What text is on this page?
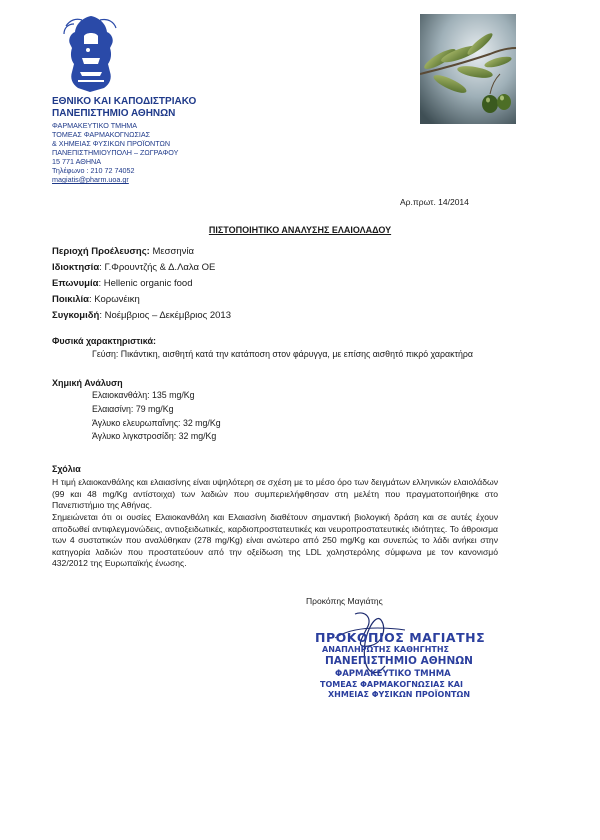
ΕΘΝΙΚΟ ΚΑΙ ΚΑΠΟΔΙΣΤΡΙΑΚΟ
ΠΑΝΕΠΙΣΤΗΜΙΟ ΑΘΗΝΩΝ
ΦΑΡΜΑΚΕΥΤΙΚΟ ΤΜΗΜΑ
ΤΟΜΕΑΣ ΦΑΡΜΑΚΟΓΝΩΣΙΑΣ
& ΧΗΜΕΙΑΣ ΦΥΣΙΚΩΝ ΠΡΟΪΟΝΤΩΝ
ΠΑΝΕΠΙΣΤΗΜΙΟΥΠΟΛΗ – ΖΩΓΡΑΦΟΥ
15 771 ΑΘΗΝΑ
Τηλέφωνο : 210 72 74052
magiatis@pharm.uoa.gr
Αρ.πρωτ. 14/2014
ΠΙΣΤΟΠΟΙΗΤΙΚΟ ΑΝΑΛΥΣΗΣ ΕΛΑΙΟΛΑΔΟΥ
Περιοχή Προέλευσης: Μεσσηνία
Ιδιοκτησία: Γ.Φρουντζής & Δ.Λαλα ΟΕ
Επωνυμία: Hellenic organic food
Ποικιλία: Κορωνέικη
Συγκομιδή: Νοέμβριος – Δεκέμβριος 2013
Φυσικά χαρακτηριστικά:
Γεύση: Πικάντικη, αισθητή κατά την κατάποση στον φάρυγγα, με επίσης αισθητό πικρό χαρακτήρα
Χημική Ανάλυση
Ελαιοκανθάλη: 135 mg/Kg
Ελαιασίνη: 79 mg/Kg
Άγλυκο ελευρωπαΐνης: 32 mg/Kg
Άγλυκο λιγκστροσίδη: 32 mg/Kg
Σχόλια
Η τιμή ελαιοκανθάλης και ελαιασίνης είναι υψηλότερη σε σχέση με το μέσο όρο των δειγμάτων ελληνικών ελαιολάδων (99 και 48 mg/Kg αντίστοιχα) των λαδιών που συμπεριελήφθησαν στη μελέτη που πραγματοποιήθηκε στο Πανεπιστήμιο της Αθήνας.
Σημειώνεται ότι οι ουσίες Ελαιοκανθάλη και Ελαιασίνη διαθέτουν σημαντική βιολογική δράση και σε αυτές έχουν αποδωθεί αντιφλεγμονώδεις, αντιοξειδωτικές, καρδιοπροστατευτικές και νευροπροστατευτικές ιδιότητες. Το άθροισμα των 4 συστατικών που αναλύθηκαν (278 mg/Kg) είναι ανώτερο από 250 mg/Kg και συνεπώς το λάδι ανήκει στην κατηγορία λαδιών που προστατεύουν από την οξείδωση της LDL χοληστερόλης σύμφωνα με τον κανονισμό 432/2012 της Ευρωπαϊκής ένωσης.
Προκόπης Μαγιάτης
ΠΡΟΚΟΠΙΟΣ ΜΑΓΙΑΤΗΣ
ΑΝΑΠΛΗΡΩΤΗΣ ΚΑΘΗΓΗΤΗΣ
ΠΑΝΕΠΙΣΤΗΜΙΟ ΑΘΗΝΩΝ
ΦΑΡΜΑΚΕΥΤΙΚΟ ΤΜΗΜΑ
ΤΟΜΕΑΣ ΦΑΡΜΑΚΟΓΝΩΣΙΑΣ ΚΑΙ
ΧΗΜΕΙΑΣ ΦΥΣΙΚΩΝ ΠΡΟΪΟΝΤΩΝ
